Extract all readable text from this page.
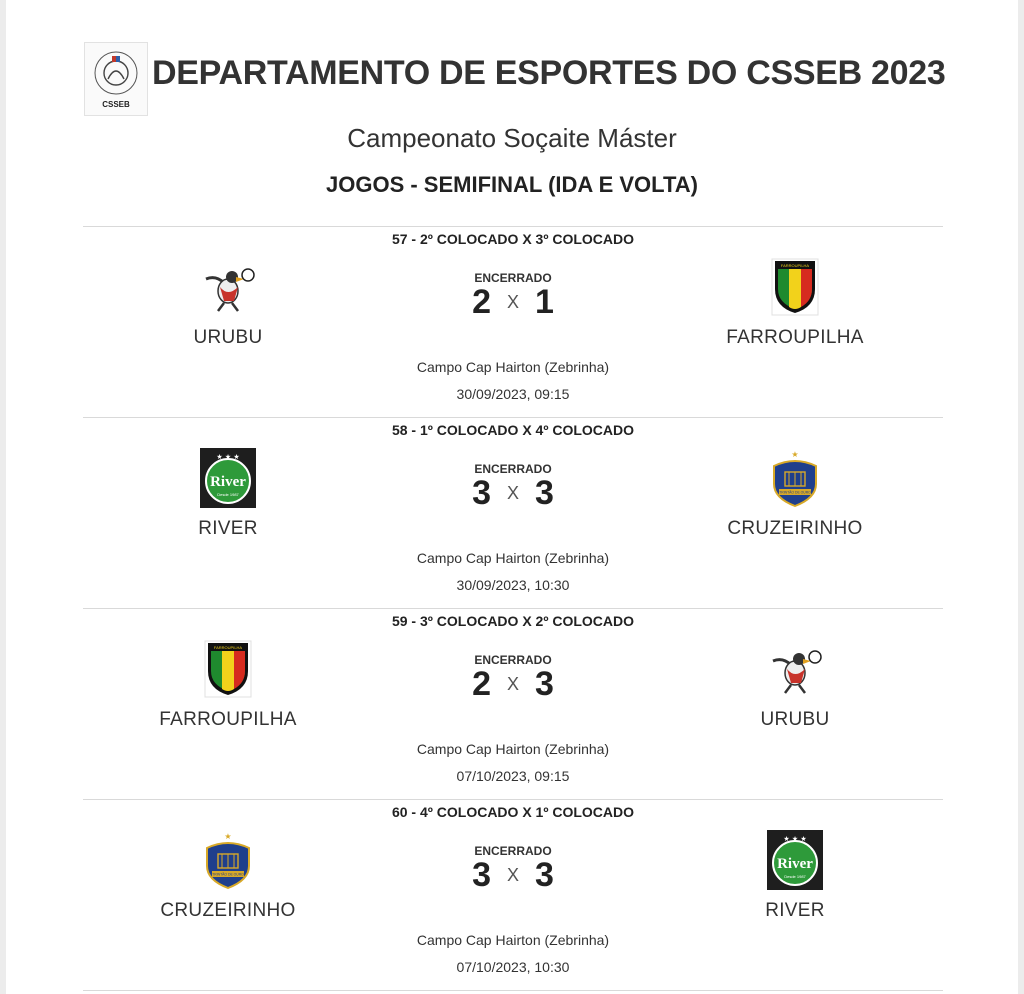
CSSEB
DEPARTAMENTO DE ESPORTES DO CSSEB 2023
Campeonato Soçaite Máster
JOGOS - SEMIFINAL (IDA E VOLTA)
57 - 2º COLOCADO X 3º COLOCADO
URUBU
ENCERRADO
2 X 1
FARROUPILHA
FARROUPILHA
Campo Cap Hairton (Zebrinha)
30/09/2023, 09:15
58 - 1º COLOCADO X 4º COLOCADO
River
Desde 1987
★ ★ ★
RIVER
ENCERRADO
3 X 3
★
TRINTÃO DE OURO
CRUZEIRINHO
Campo Cap Hairton (Zebrinha)
30/09/2023, 10:30
59 - 3º COLOCADO X 2º COLOCADO
FARROUPILHA
FARROUPILHA
ENCERRADO
2 X 3
URUBU
Campo Cap Hairton (Zebrinha)
07/10/2023, 09:15
60 - 4º COLOCADO X 1º COLOCADO
★
TRINTÃO DE OURO
CRUZEIRINHO
ENCERRADO
3 X 3	River
Desde 1987
★ ★ ★
RIVER
Campo Cap Hairton (Zebrinha)
07/10/2023, 10:30
